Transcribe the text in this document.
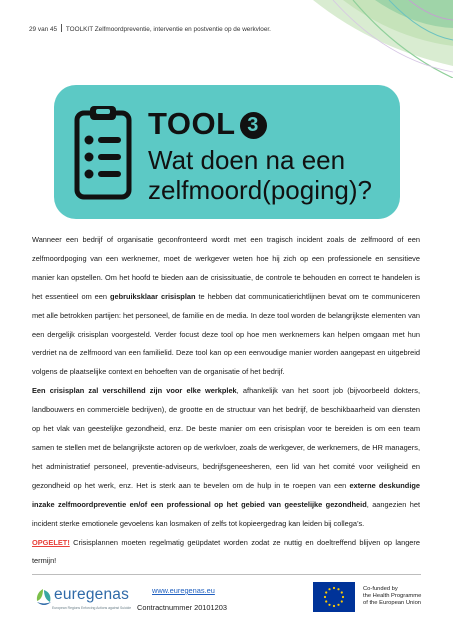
29 van 45 TOOLKIT Zelfmoordpreventie, interventie en postventie op de werkvloer.
TOOL 3
Wat doen na een zelfmoord(poging)?

Wanneer een bedrijf of organisatie geconfronteerd wordt met een tragisch incident zoals de zelfmoord of een zelfmoordpoging van een werknemer, moet de werkgever weten hoe hij zich op een professionele en sensitieve manier kan opstellen. Om het hoofd te bieden aan de crisissituatie, de controle te behouden en correct te handelen is het essentieel om een gebruiksklaar crisisplan te hebben dat communicatierichtlijnen bevat om te communiceren met alle betrokken partijen: het personeel, de familie en de media. In deze tool worden de belangrijkste elementen van een dergelijk crisisplan voorgesteld. Verder focust deze tool op hoe men werknemers kan helpen omgaan met hun verdriet na de zelfmoord van een familielid. Deze tool kan op een eenvoudige manier worden aangepast en uitgebreid volgens de plaatselijke context en behoeften van de organisatie of het bedrijf.

Een crisisplan zal verschillend zijn voor elke werkplek, afhankelijk van het soort job (bijvoorbeeld dokters, landbouwers en commerciële bedrijven), de grootte en de structuur van het bedrijf, de beschikbaarheid van diensten op het vlak van geestelijke gezondheid, enz. De beste manier om een crisisplan voor te bereiden is om een team samen te stellen met de belangrijkste actoren op de werkvloer, zoals de werkgever, de werknemers, de HR managers, het administratief personeel, preventie-adviseurs, bedrijfsgeneesheren, een lid van het comité voor veiligheid en gezondheid op het werk, enz. Het is sterk aan te bevelen om de hulp in te roepen van een externe deskundige inzake zelfmoordpreventie en/of een professional op het gebied van geestelijke gezondheid, aangezien het incident sterke emotionele gevoelens kan losmaken of zelfs tot kopieergedrag kan leiden bij collega’s.

OPGELET! Crisisplannen moeten regelmatig geüpdatet worden zodat ze nuttig en doeltreffend blijven op langere termijn!

euregenas
European Regions Enforcing Actions against Suicide
www.euregenas.eu
Contractnummer 20101203
Co-funded by
the Health Programme
of the European Union
